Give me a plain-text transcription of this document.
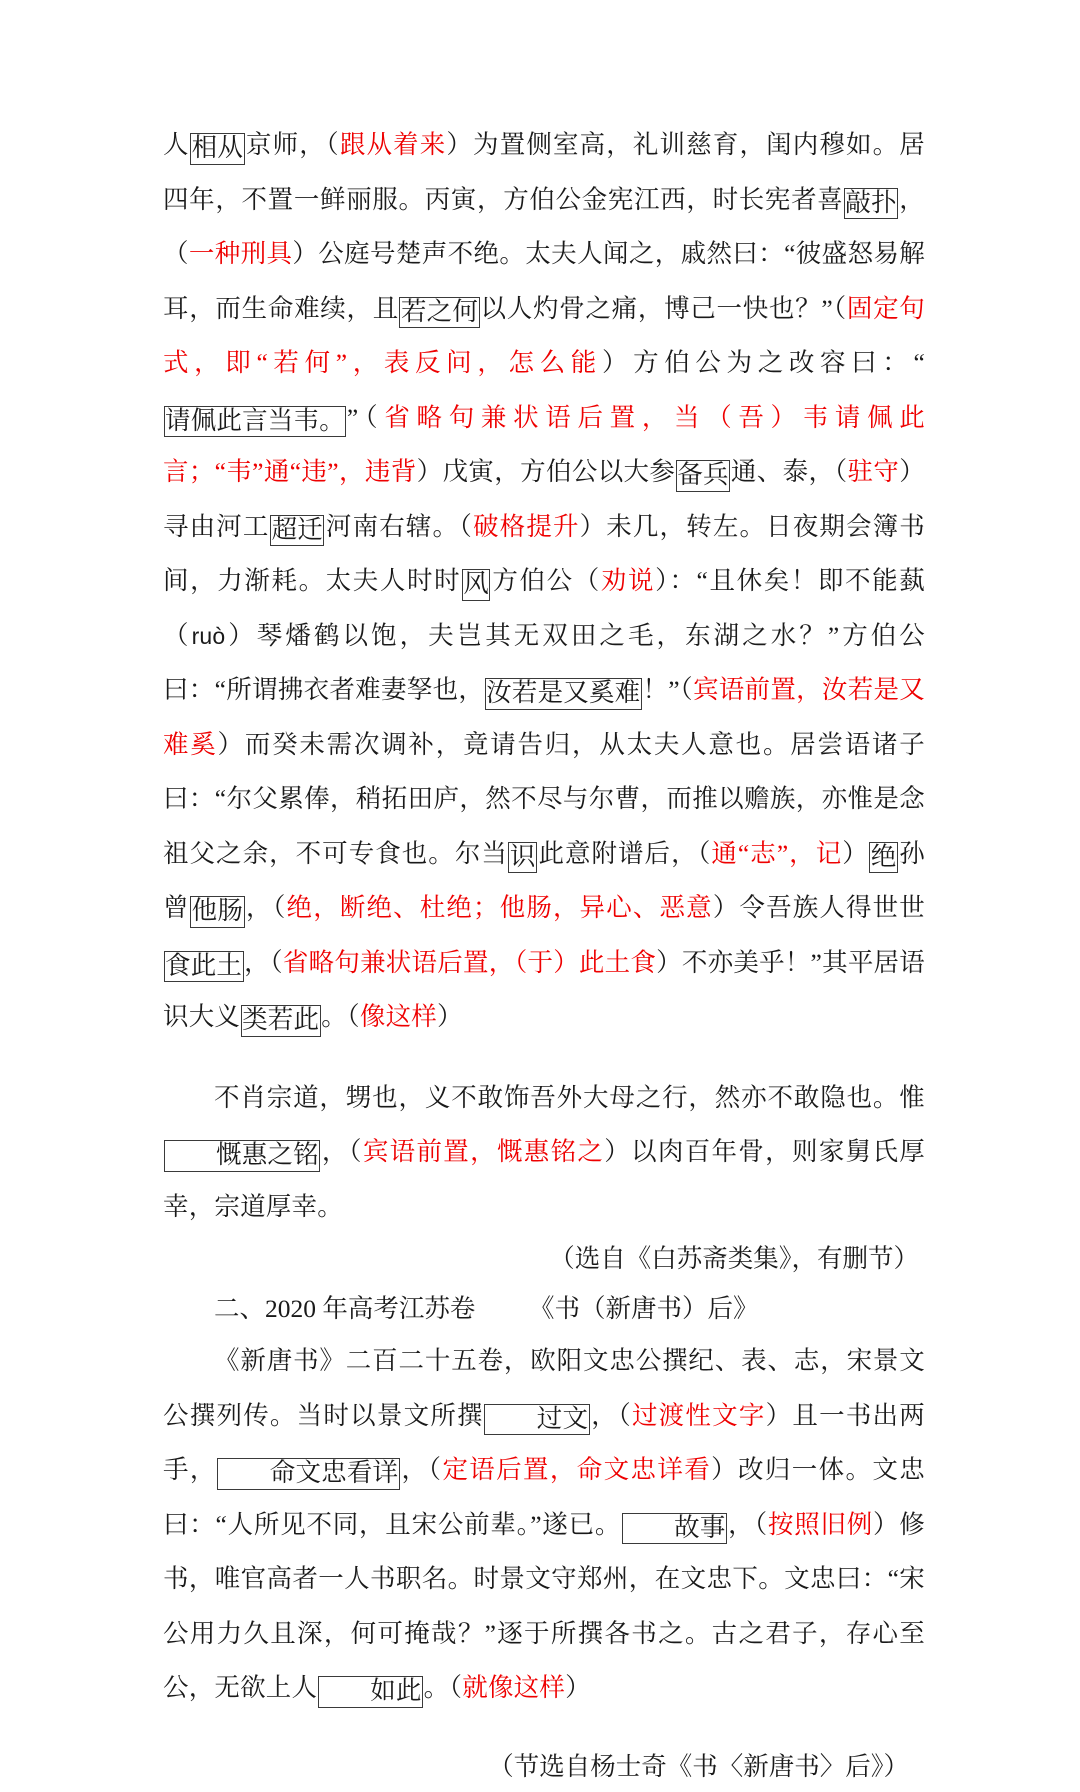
人相从京师，（跟从着来）为置侧室高，礼训慈育，闺内穆如。居四年，不置一鲜丽服。丙寅，方伯公金宪江西，时长宪者喜敲扑，（一种刑具）公庭号楚声不绝。太夫人闻之，戚然曰：“彼盛怒易解耳，而生命难续，且若之何以人灼骨之痛，博己一快也？”（固定句式，即“若何”，表反问，怎么能）方伯公为之改容曰：“请佩此言当韦。”（省略句兼状语后置，当（吾）韦请佩此言；“韦”通“违”，违背）戊寅，方伯公以大参备兵通、泰，（驻守）寻由河工超迁河南右辖。（破格提升）未几，转左。日夜期会簿书间，力渐耗。太夫人时时风方伯公（劝说）：“且休矣！即不能蓺（ruò）琴燔鹤以饱，夫岂其无双田之毛，东湖之水？”方伯公曰：“所谓拂衣者难妻孥也，汝若是又奚难！”（宾语前置，汝若是又难奚）而癸未需次调补，竟请告归，从太夫人意也。居尝语诸子曰：“尔父累俸，稍拓田庐，然不尽与尔曹，而推以赡族，亦惟是念祖父之余，不可专食也。尔当识此意附谱后，（通“志”，记）绝孙曾他肠，（绝，断绝、杜绝；他肠，异心、恶意）令吾族人得世世食此土，（省略句兼状语后置，（于）此土食）不亦美乎！”其平居语识大义类若此。（像这样）

不肖宗道，甥也，义不敢饰吾外大母之行，然亦不敢隐也。惟慨惠之铭，（宾语前置，慨惠铭之）以肉百年骨，则家舅氏厚幸，宗道厚幸。

（选自《白苏斋类集》，有删节）

二、2020 年高考江苏卷 《书（新唐书）后》

《新唐书》二百二十五卷，欧阳文忠公撰纪、表、志，宋景文公撰列传。当时以景文所撰 过文，（过渡性文字）且一书出两手， 命文忠看详，（定语后置，命文忠详看）改归一体。文忠曰：“人所见不同，且宋公前辈。”遂已。 故事，（按照旧例）修书，唯官高者一人书职名。时景文守郑州，在文忠下。文忠曰：“宋公用力久且深，何可掩哉？”逐于所撰各书之。古之君子，存心至公，无欲上人 如此。（就像这样）

（节选自杨士奇《书〈新唐书〉后》）
